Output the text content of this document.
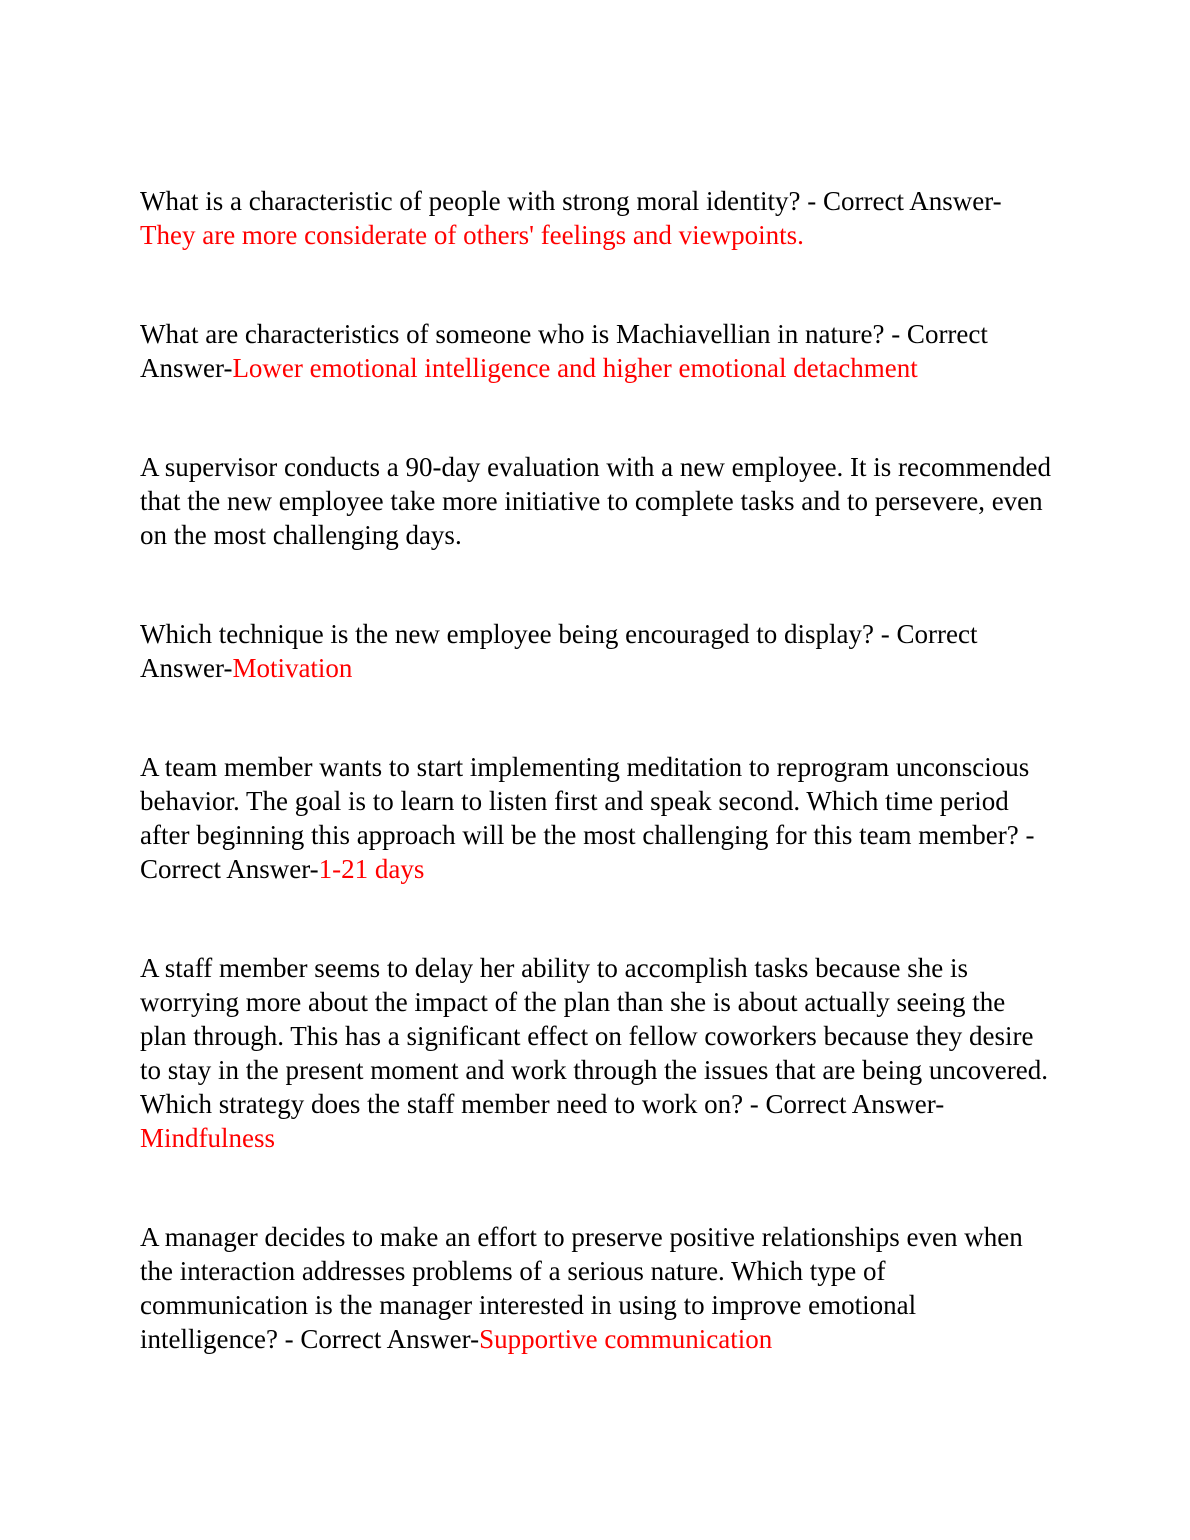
What is a characteristic of people with strong moral identity? - Correct Answer-They are more considerate of others' feelings and viewpoints.

What are characteristics of someone who is Machiavellian in nature? - Correct Answer-Lower emotional intelligence and higher emotional detachment

A supervisor conducts a 90-day evaluation with a new employee. It is recommended that the new employee take more initiative to complete tasks and to persevere, even on the most challenging days.

Which technique is the new employee being encouraged to display? - Correct Answer-Motivation

A team member wants to start implementing meditation to reprogram unconscious behavior. The goal is to learn to listen first and speak second. Which time period after beginning this approach will be the most challenging for this team member? - Correct Answer-1-21 days

A staff member seems to delay her ability to accomplish tasks because she is worrying more about the impact of the plan than she is about actually seeing the plan through. This has a significant effect on fellow coworkers because they desire to stay in the present moment and work through the issues that are being uncovered. Which strategy does the staff member need to work on? - Correct Answer-Mindfulness

A manager decides to make an effort to preserve positive relationships even when the interaction addresses problems of a serious nature. Which type of communication is the manager interested in using to improve emotional intelligence? - Correct Answer-Supportive communication
